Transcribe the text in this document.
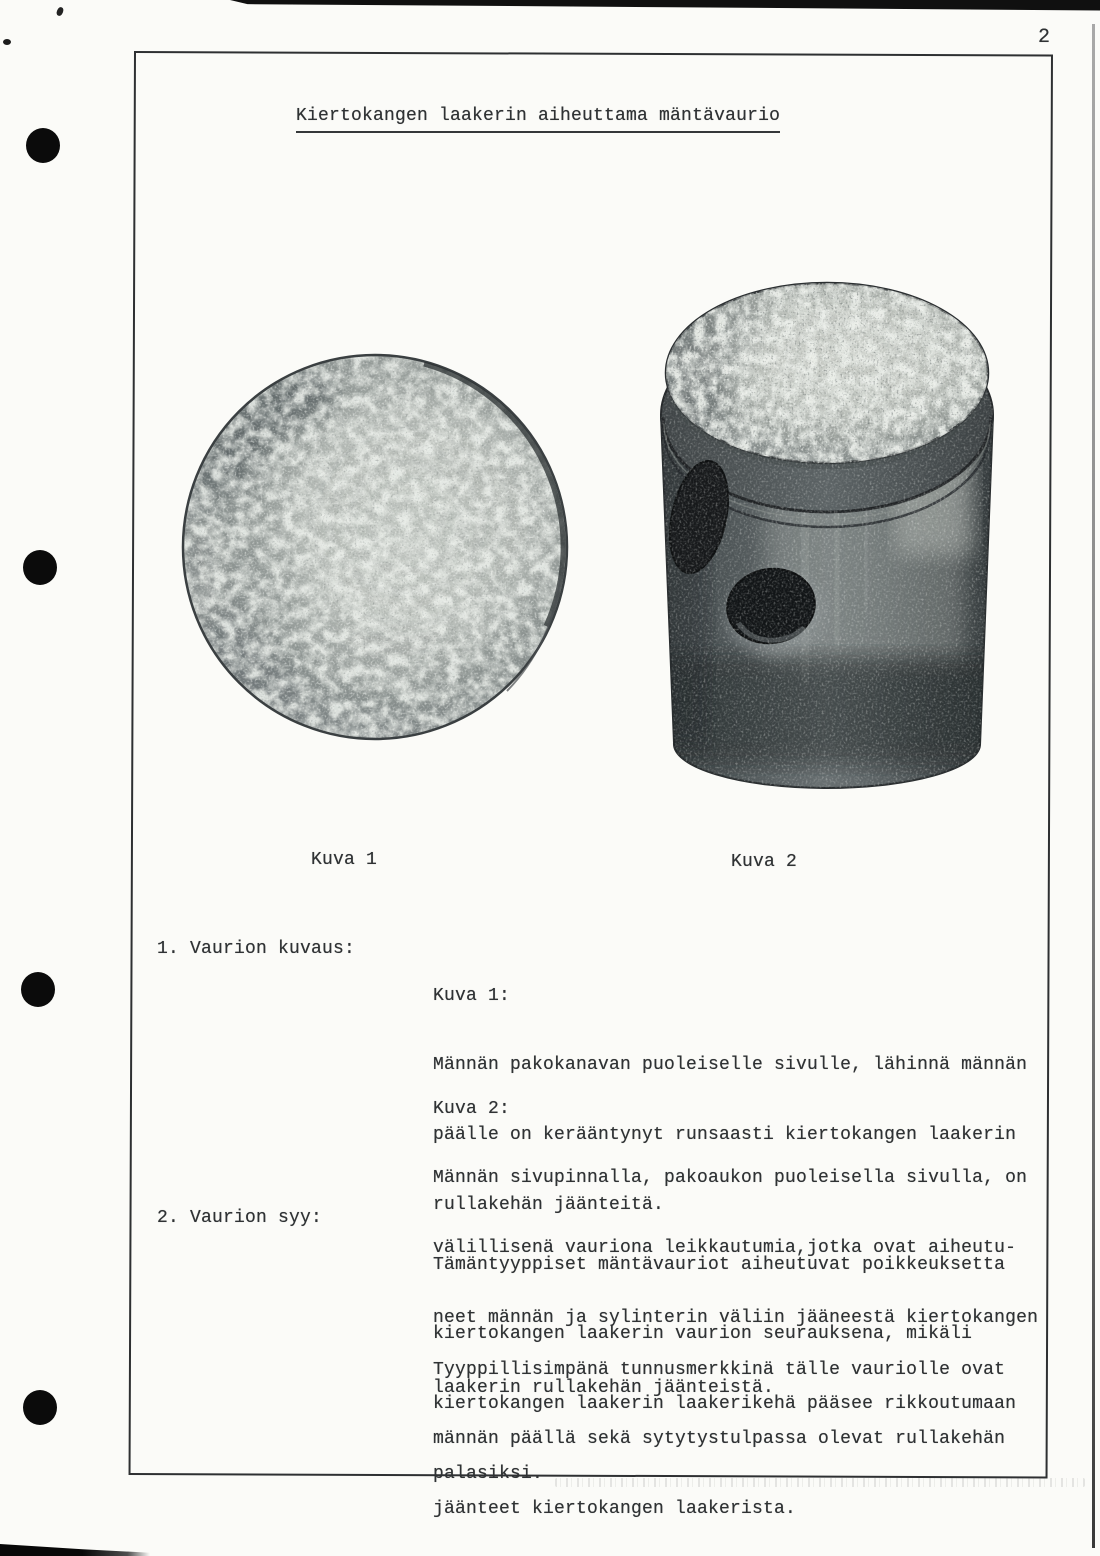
2
Kiertokangen laakerin aiheuttama mäntävaurio
Kuva 1	Kuva 2
1. Vaurion kuvaus:

Kuva 1:

Männän pakokanavan puoleiselle sivulle, lähinnä männän

päälle on kerääntynyt runsaasti kiertokangen laakerin

rullakehän jäänteitä.

Kuva 2:

Männän sivupinnalla, pakoaukon puoleisella sivulla, on

välillisenä vauriona leikkautumia,jotka ovat aiheutu-

neet männän ja sylinterin väliin jääneestä kiertokangen

laakerin rullakehän jäänteistä.

2. Vaurion syy:

Tämäntyyppiset mäntävauriot aiheutuvat poikkeuksetta

kiertokangen laakerin vaurion seurauksena, mikäli

kiertokangen laakerin laakerikehä pääsee rikkoutumaan

palasiksi.

Tyyppillisimpänä tunnusmerkkinä tälle vauriolle ovat

männän päällä sekä sytytystulpassa olevat rullakehän

jäänteet kiertokangen laakerista.
